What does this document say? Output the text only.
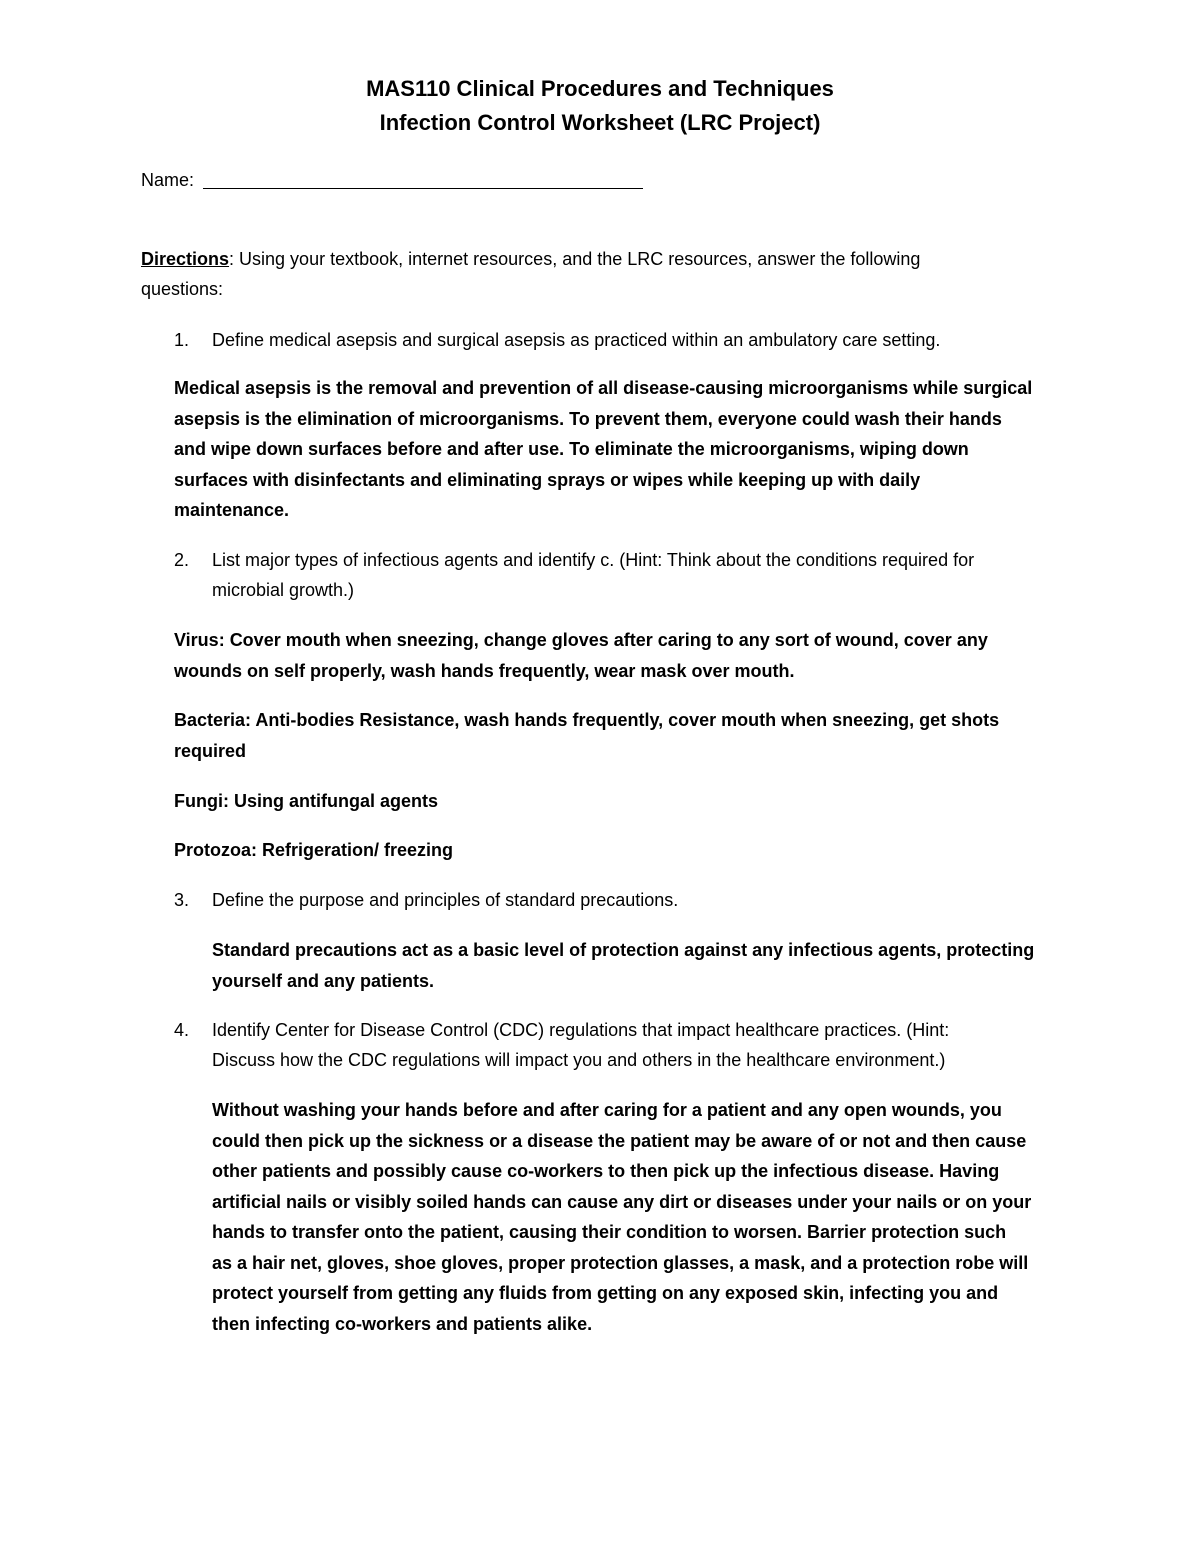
MAS110 Clinical Procedures and Techniques
Infection Control Worksheet (LRC Project)
Name:
Directions: Using your textbook, internet resources, and the LRC resources, answer the following
questions:
1. Define medical asepsis and surgical asepsis as practiced within an ambulatory care setting.
Medical asepsis is the removal and prevention of all disease-causing microorganisms while surgical
asepsis is the elimination of microorganisms. To prevent them, everyone could wash their hands
and wipe down surfaces before and after use. To eliminate the microorganisms, wiping down
surfaces with disinfectants and eliminating sprays or wipes while keeping up with daily
maintenance.
2. List major types of infectious agents and identify c. (Hint: Think about the conditions required for
microbial growth.)
Virus: Cover mouth when sneezing, change gloves after caring to any sort of wound, cover any
wounds on self properly, wash hands frequently, wear mask over mouth.
Bacteria: Anti-bodies Resistance, wash hands frequently, cover mouth when sneezing, get shots
required
Fungi: Using antifungal agents
Protozoa: Refrigeration/ freezing
3. Define the purpose and principles of standard precautions.
Standard precautions act as a basic level of protection against any infectious agents, protecting
yourself and any patients.
4. Identify Center for Disease Control (CDC) regulations that impact healthcare practices. (Hint:
Discuss how the CDC regulations will impact you and others in the healthcare environment.)
Without washing your hands before and after caring for a patient and any open wounds, you
could then pick up the sickness or a disease the patient may be aware of or not and then cause
other patients and possibly cause co-workers to then pick up the infectious disease. Having
artificial nails or visibly soiled hands can cause any dirt or diseases under your nails or on your
hands to transfer onto the patient, causing their condition to worsen. Barrier protection such
as a hair net, gloves, shoe gloves, proper protection glasses, a mask, and a protection robe will
protect yourself from getting any fluids from getting on any exposed skin, infecting you and
then infecting co-workers and patients alike.
